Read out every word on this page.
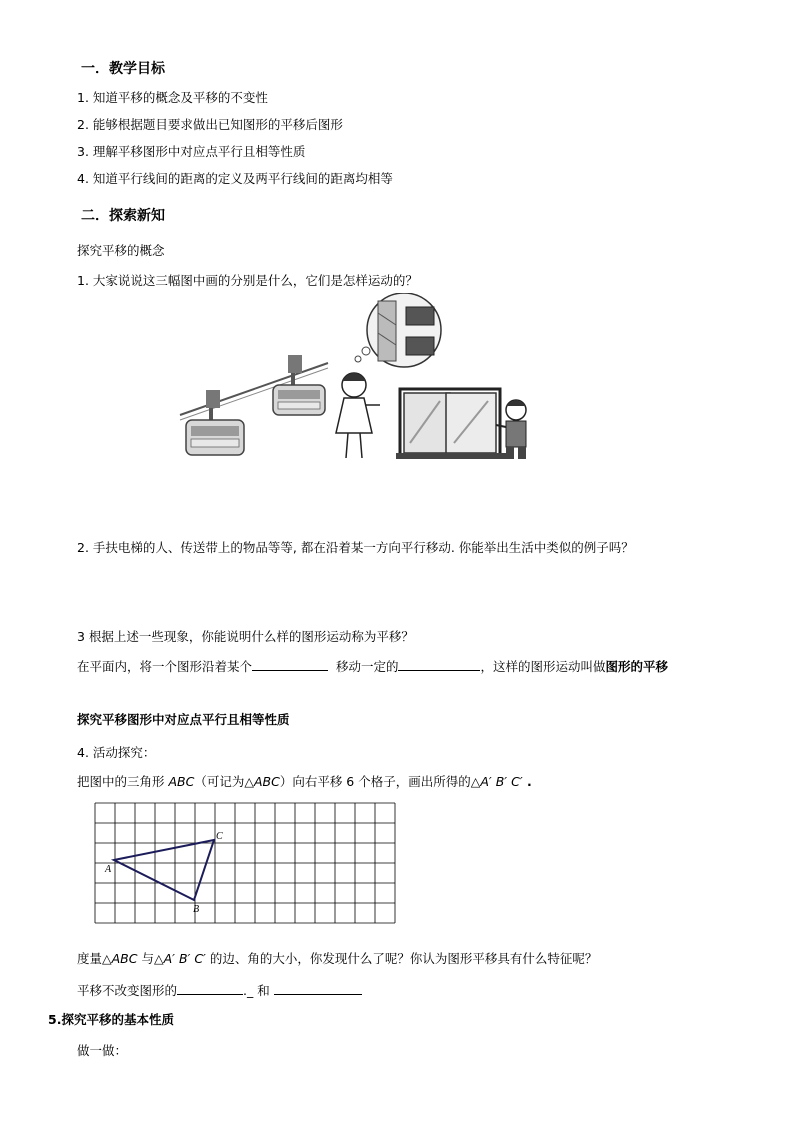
一．教学目标
1. 知道平移的概念及平移的不变性
2. 能够根据题目要求做出已知图形的平移后图形
3. 理解平移图形中对应点平行且相等性质
4. 知道平行线间的距离的定义及两平行线间的距离均相等
二．探索新知
探究平移的概念
1. 大家说说这三幅图中画的分别是什么，它们是怎样运动的？
2. 手扶电梯的人、传送带上的物品等等, 都在沿着某一方向平行移动. 你能举出生活中类似的例子吗？
3 根据上述一些现象，你能说明什么样的图形运动称为平移？
在平面内，将一个图形沿着某个	移动一定的	，这样的图形运动叫做图形的平移
探究平移图形中对应点平行且相等性质
4. 活动探究：
把图中的三角形 ABC（可记为△ABC）向右平移 6 个格子，画出所得的△A′ B′ C′ .
A
B
C
度量△ABC 与△A′ B′ C′ 的边、角的大小，你发现什么了呢？你认为图形平移具有什么特征呢？
平移不改变图形的	._ 和
5.探究平移的基本性质
做一做：
